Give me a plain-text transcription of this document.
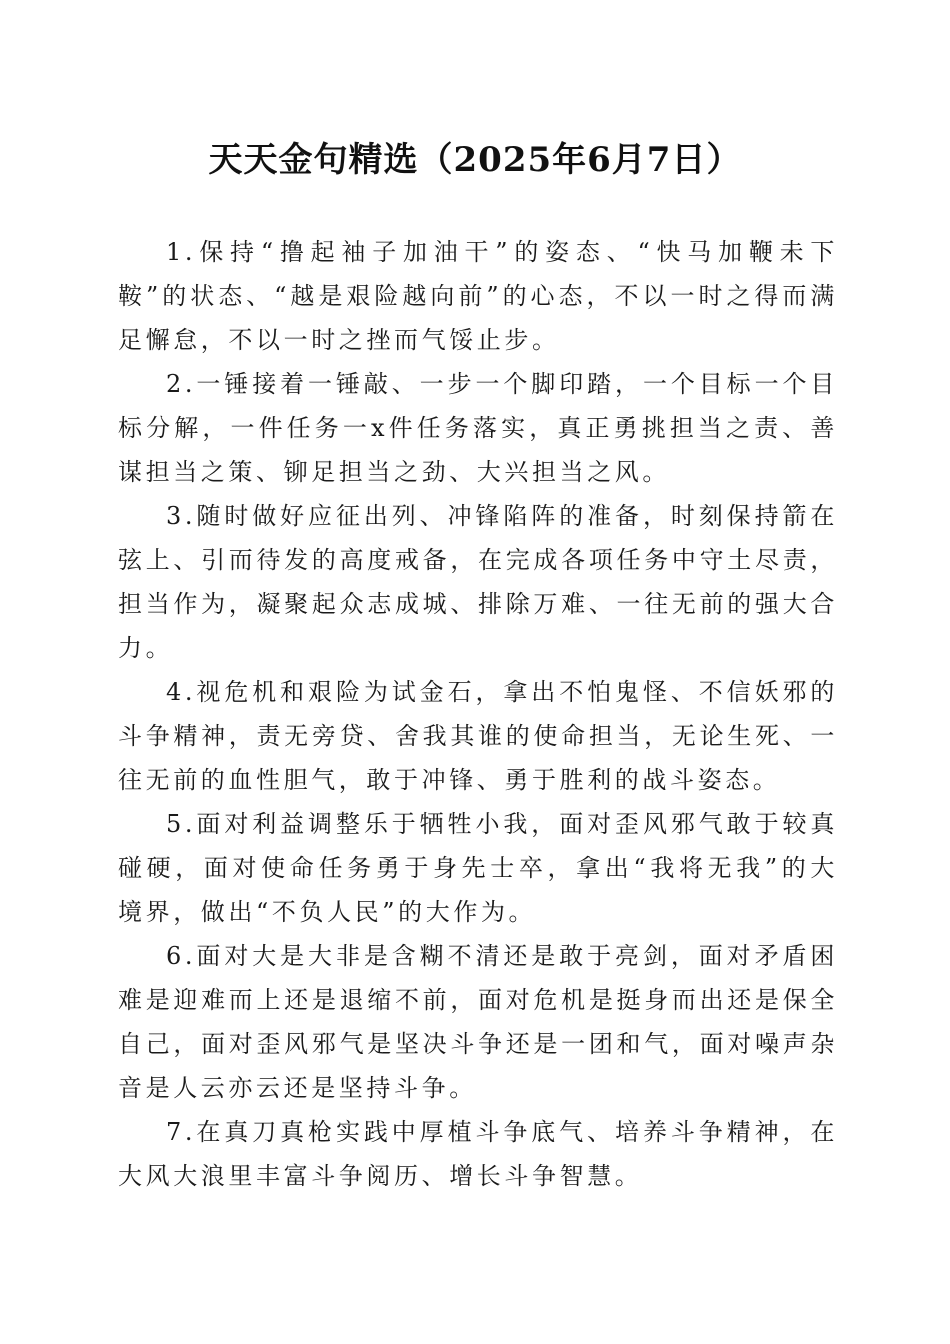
天天金句精选（2025年6月7日）

1.保持“撸起袖子加油干”的姿态、“快马加鞭未下鞍”的状态、“越是艰险越向前”的心态，不以一时之得而满足懈怠，不以一时之挫而气馁止步。

2.一锤接着一锤敲、一步一个脚印踏，一个目标一个目标分解，一件任务一x件任务落实，真正勇挑担当之责、善谋担当之策、铆足担当之劲、大兴担当之风。

3.随时做好应征出列、冲锋陷阵的准备，时刻保持箭在弦上、引而待发的高度戒备，在完成各项任务中守土尽责，担当作为，凝聚起众志成城、排除万难、一往无前的强大合力。

4.视危机和艰险为试金石，拿出不怕鬼怪、不信妖邪的斗争精神，责无旁贷、舍我其谁的使命担当，无论生死、一往无前的血性胆气，敢于冲锋、勇于胜利的战斗姿态。

5.面对利益调整乐于牺牲小我，面对歪风邪气敢于较真碰硬，面对使命任务勇于身先士卒，拿出“我将无我”的大境界，做出“不负人民”的大作为。

6.面对大是大非是含糊不清还是敢于亮剑，面对矛盾困难是迎难而上还是退缩不前，面对危机是挺身而出还是保全自己，面对歪风邪气是坚决斗争还是一团和气，面对噪声杂音是人云亦云还是坚持斗争。

7.在真刀真枪实践中厚植斗争底气、培养斗争精神，在大风大浪里丰富斗争阅历、增长斗争智慧。
